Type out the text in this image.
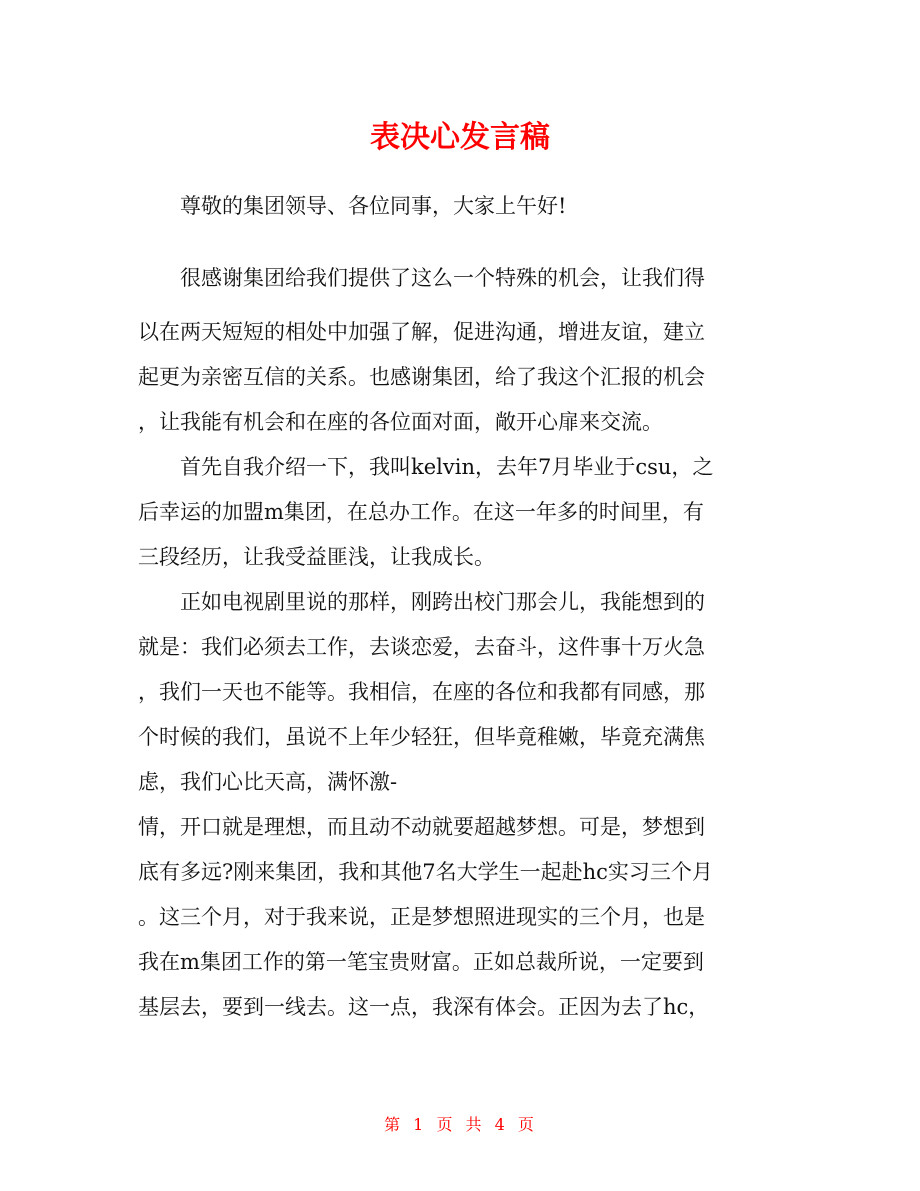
表决心发言稿
尊敬的集团领导、各位同事，大家上午好!
很感谢集团给我们提供了这么一个特殊的机会，让我们得
以在两天短短的相处中加强了解，促进沟通，增进友谊，建立
起更为亲密互信的关系。也感谢集团，给了我这个汇报的机会
，让我能有机会和在座的各位面对面，敞开心扉来交流。
首先自我介绍一下，我叫kelvin，去年7月毕业于csu，之
后幸运的加盟m集团，在总办工作。在这一年多的时间里，有
三段经历，让我受益匪浅，让我成长。
正如电视剧里说的那样，刚跨出校门那会儿，我能想到的
就是：我们必须去工作，去谈恋爱，去奋斗，这件事十万火急
，我们一天也不能等。我相信，在座的各位和我都有同感，那
个时候的我们，虽说不上年少轻狂，但毕竟稚嫩，毕竟充满焦
虑，我们心比天高，满怀激-
情，开口就是理想，而且动不动就要超越梦想。可是，梦想到
底有多远?刚来集团，我和其他7名大学生一起赴hc实习三个月
。这三个月，对于我来说，正是梦想照进现实的三个月，也是
我在m集团工作的第一笔宝贵财富。正如总裁所说，一定要到
基层去，要到一线去。这一点，我深有体会。正因为去了hc，
第 1 页 共 4 页
